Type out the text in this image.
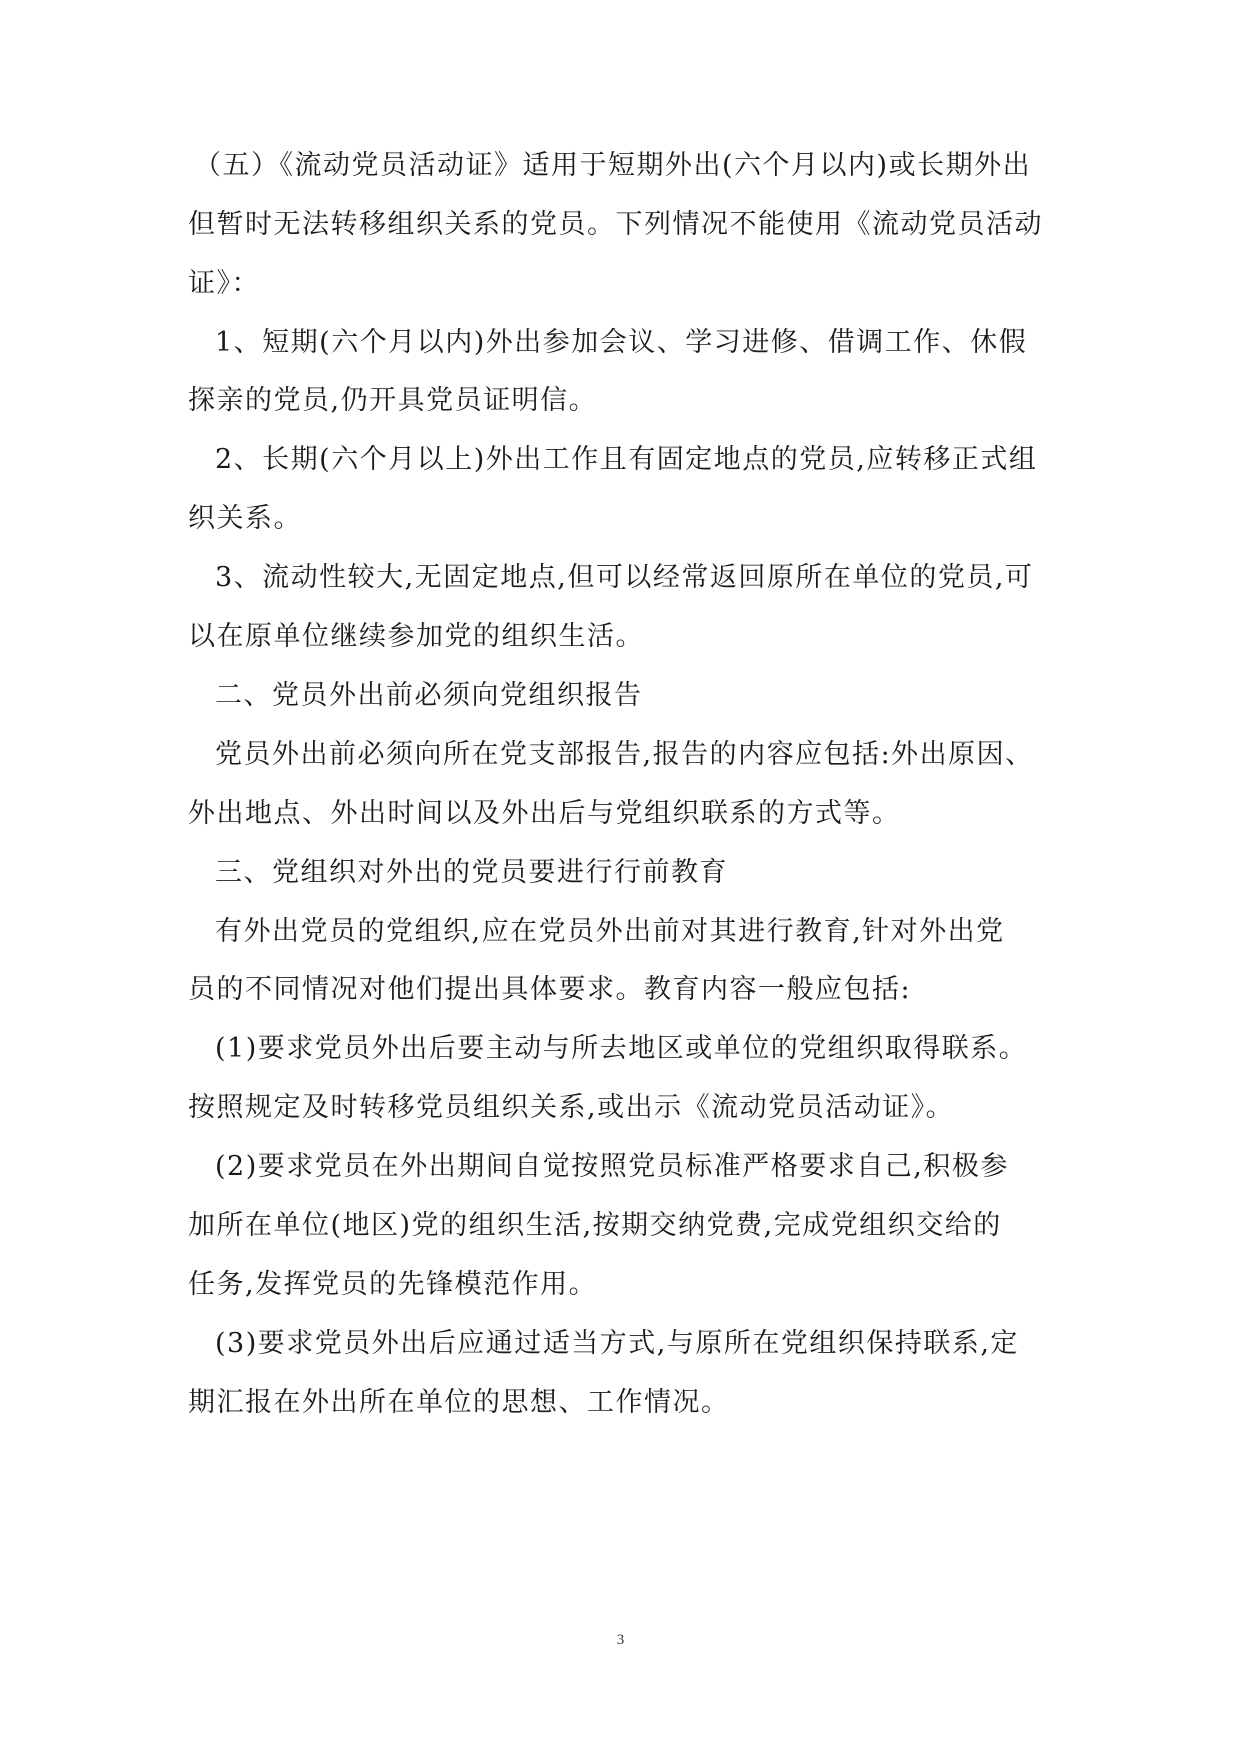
（五）《流动党员活动证》适用于短期外出(六个月以内)或长期外出
但暂时无法转移组织关系的党员。下列情况不能使用《流动党员活动
证》：
1、短期(六个月以内)外出参加会议、学习进修、借调工作、休假
探亲的党员,仍开具党员证明信。
2、长期(六个月以上)外出工作且有固定地点的党员,应转移正式组
织关系。
3、流动性较大,无固定地点,但可以经常返回原所在单位的党员,可
以在原单位继续参加党的组织生活。
二、党员外出前必须向党组织报告
党员外出前必须向所在党支部报告,报告的内容应包括:外出原因、
外出地点、外出时间以及外出后与党组织联系的方式等。
三、党组织对外出的党员要进行行前教育
有外出党员的党组织,应在党员外出前对其进行教育,针对外出党
员的不同情况对他们提出具体要求。教育内容一般应包括:
(1)要求党员外出后要主动与所去地区或单位的党组织取得联系。
按照规定及时转移党员组织关系,或出示《流动党员活动证》。
(2)要求党员在外出期间自觉按照党员标准严格要求自己,积极参
加所在单位(地区)党的组织生活,按期交纳党费,完成党组织交给的
任务,发挥党员的先锋模范作用。
(3)要求党员外出后应通过适当方式,与原所在党组织保持联系,定
期汇报在外出所在单位的思想、工作情况。
3
